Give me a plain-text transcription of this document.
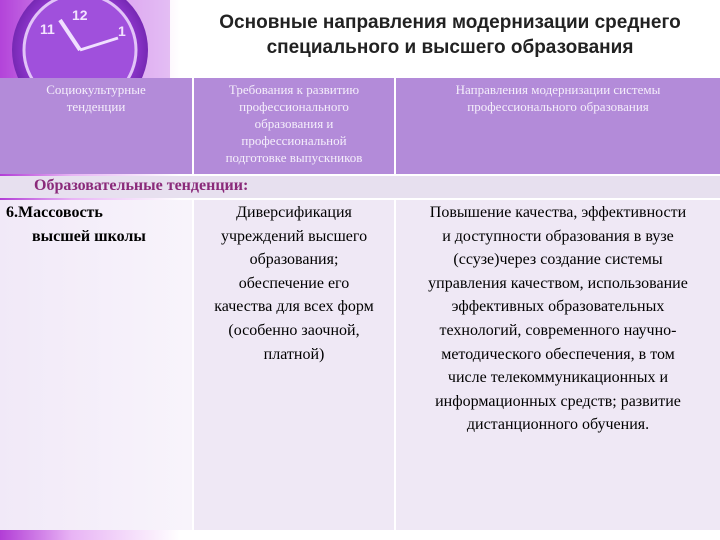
12
1
11	Основные направления модернизации среднего
специального и высшего образования
Социокультурные
тенденции
Требования к развитию
профессионального
образования и
профессиональной
подготовке выпускников
Направления модернизации системы
профессионального образования
Образовательные тенденции:
6.Массовость
высшей школы
Диверсификация
учреждений высшего
образования;
обеспечение его
качества для всех форм
(особенно заочной,
платной)
Повышение качества, эффективности
и доступности образования в вузе
(ссузе)через создание системы
управления качеством, использование
эффективных образовательных
технологий, современного научно-
методического обеспечения, в том
числе телекоммуникационных и
информационных средств; развитие
дистанционного обучения.
